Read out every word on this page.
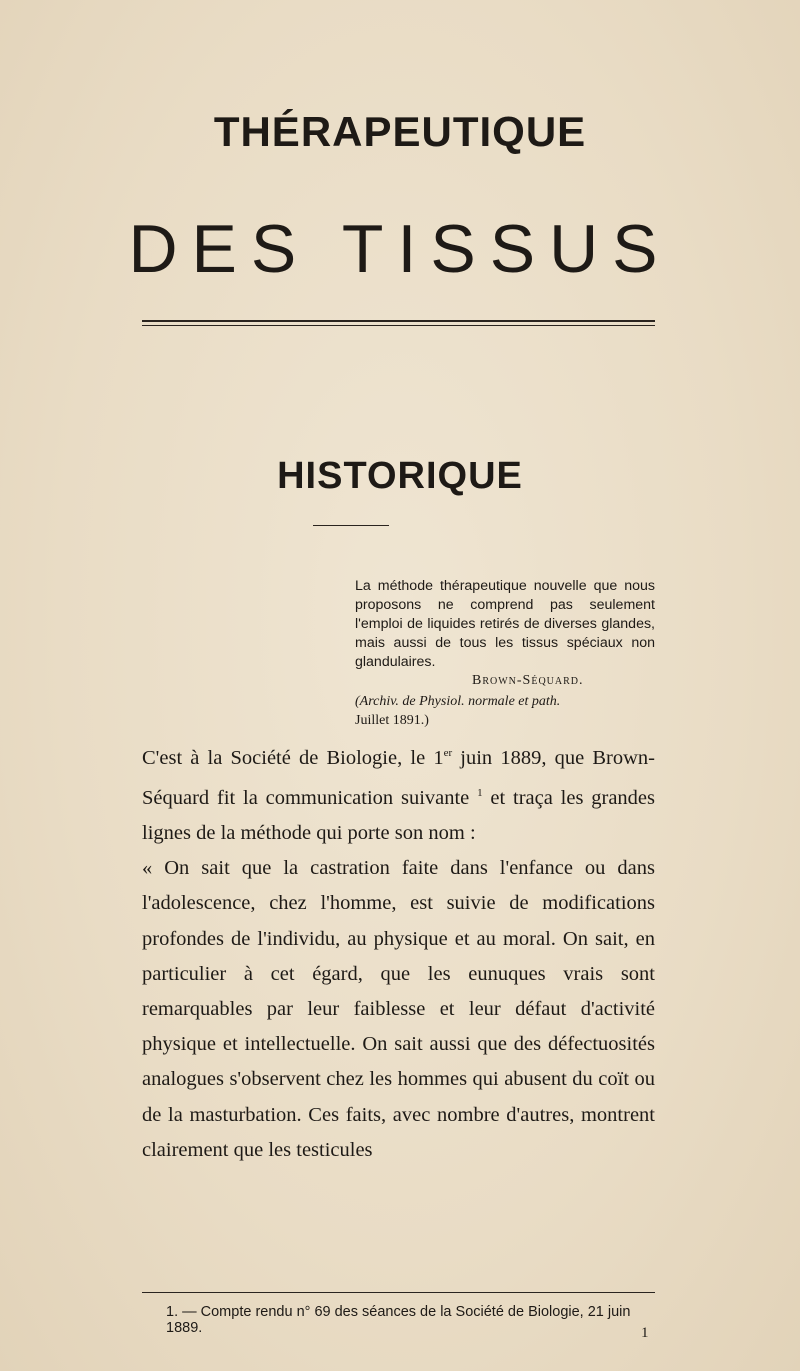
THÉRAPEUTIQUE
DES TISSUS
HISTORIQUE
La méthode thérapeutique nouvelle que nous proposons ne comprend pas seulement l'emploi de liquides retirés de diverses glandes, mais aussi de tous les tissus spéciaux non glandulaires.
Brown-Séquard.
(Archiv. de Physiol. normale et path.
Juillet 1891.)

C'est à la Société de Biologie, le 1er juin 1889, que Brown-Séquard fit la communication suivante $^1$ et traça les grandes lignes de la méthode qui porte son nom :

« On sait que la castration faite dans l'enfance ou dans l'adolescence, chez l'homme, est suivie de modifications profondes de l'individu, au physique et au moral. On sait, en particulier à cet égard, que les eunuques vrais sont remarquables par leur faiblesse et leur défaut d'activité physique et intellectuelle. On sait aussi que des défectuosités analogues s'observent chez les hommes qui abusent du coït ou de la masturbation. Ces faits, avec nombre d'autres, montrent clairement que les testicules

1. — Compte rendu n° 69 des séances de la Société de Biologie, 21 juin 1889.	1
